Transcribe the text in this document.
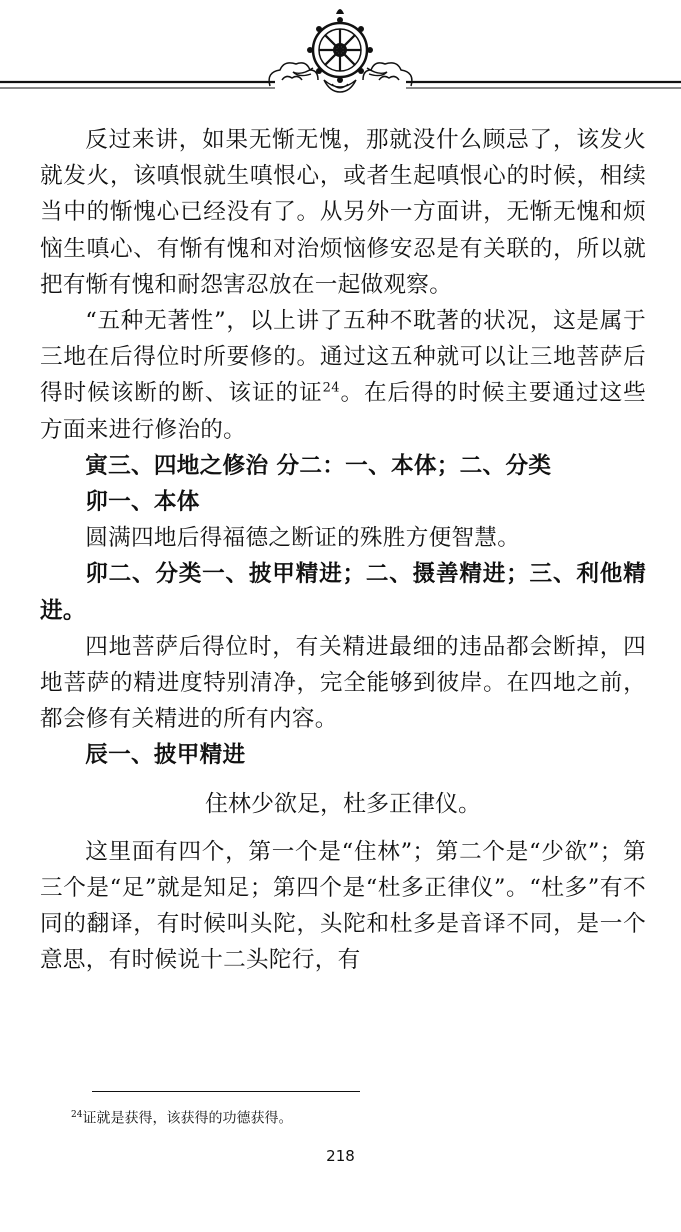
反过来讲，如果无惭无愧，那就没什么顾忌了，该发火就发火，该嗔恨就生嗔恨心，或者生起嗔恨心的时候，相续当中的惭愧心已经没有了。从另外一方面讲，无惭无愧和烦恼生嗔心、有惭有愧和对治烦恼修安忍是有关联的，所以就把有惭有愧和耐怨害忍放在一起做观察。

“五种无著性”，以上讲了五种不耽著的状况，这是属于三地在后得位时所要修的。通过这五种就可以让三地菩萨后得时候该断的断、该证的证$^{24}$。在后得的时候主要通过这些方面来进行修治的。

寅三、四地之修治 分二：一、本体；二、分类

卯一、本体

圆满四地后得福德之断证的殊胜方便智慧。

卯二、分类一、披甲精进；二、摄善精进；三、利他精进。

四地菩萨后得位时，有关精进最细的违品都会断掉，四地菩萨的精进度特别清净，完全能够到彼岸。在四地之前，都会修有关精进的所有内容。

辰一、披甲精进

住林少欲足，杜多正律仪。

这里面有四个，第一个是“住林”；第二个是“少欲”；第三个是“足”就是知足；第四个是“杜多正律仪”。“杜多”有不同的翻译，有时候叫头陀，头陀和杜多是音译不同，是一个意思，有时候说十二头陀行，有

$^{24}$证就是获得，该获得的功德获得。
218
